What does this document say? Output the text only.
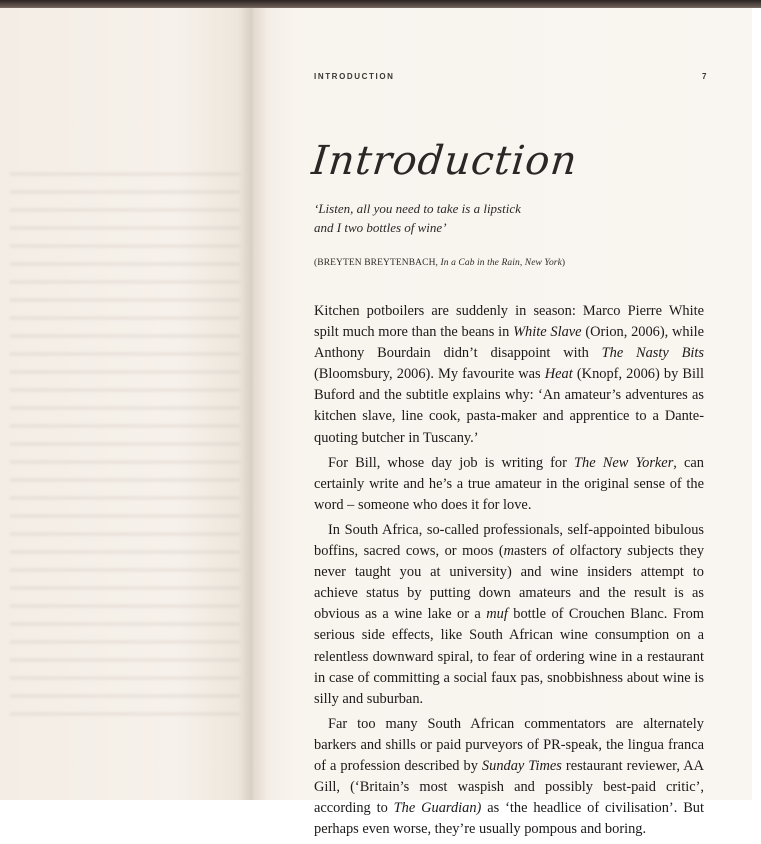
INTRODUCTION	7
Introduction
‘Listen, all you need to take is a lipstick
and I two bottles of wine’
(BREYTEN BREYTENBACH, In a Cab in the Rain, New York)

Kitchen potboilers are suddenly in season: Marco Pierre White spilt much more than the beans in White Slave (Orion, 2006), while Anthony Bourdain didn’t disappoint with The Nasty Bits (Bloomsbury, 2006). My favourite was Heat (Knopf, 2006) by Bill Buford and the subtitle explains why: ‘An amateur’s adventures as kitchen slave, line cook, pasta-maker and apprentice to a Dante-quoting butcher in Tuscany.’

For Bill, whose day job is writing for The New Yorker, can certainly write and he’s a true amateur in the original sense of the word – someone who does it for love.

In South Africa, so-called professionals, self-appointed bibulous boffins, sacred cows, or moos (masters of olfactory subjects they never taught you at university) and wine insiders attempt to achieve status by putting down amateurs and the result is as obvious as a wine lake or a muf bottle of Crouchen Blanc. From serious side effects, like South African wine consumption on a relentless downward spiral, to fear of ordering wine in a restaurant in case of committing a social faux pas, snobbishness about wine is silly and suburban.

Far too many South African commentators are alternately barkers and shills or paid purveyors of PR-speak, the lingua franca of a profession described by Sunday Times restaurant reviewer, AA Gill, (‘Britain’s most waspish and possibly best-paid critic’, according to The Guardian) as ‘the headlice of civilisation’. But perhaps even worse, they’re usually pompous and boring.
